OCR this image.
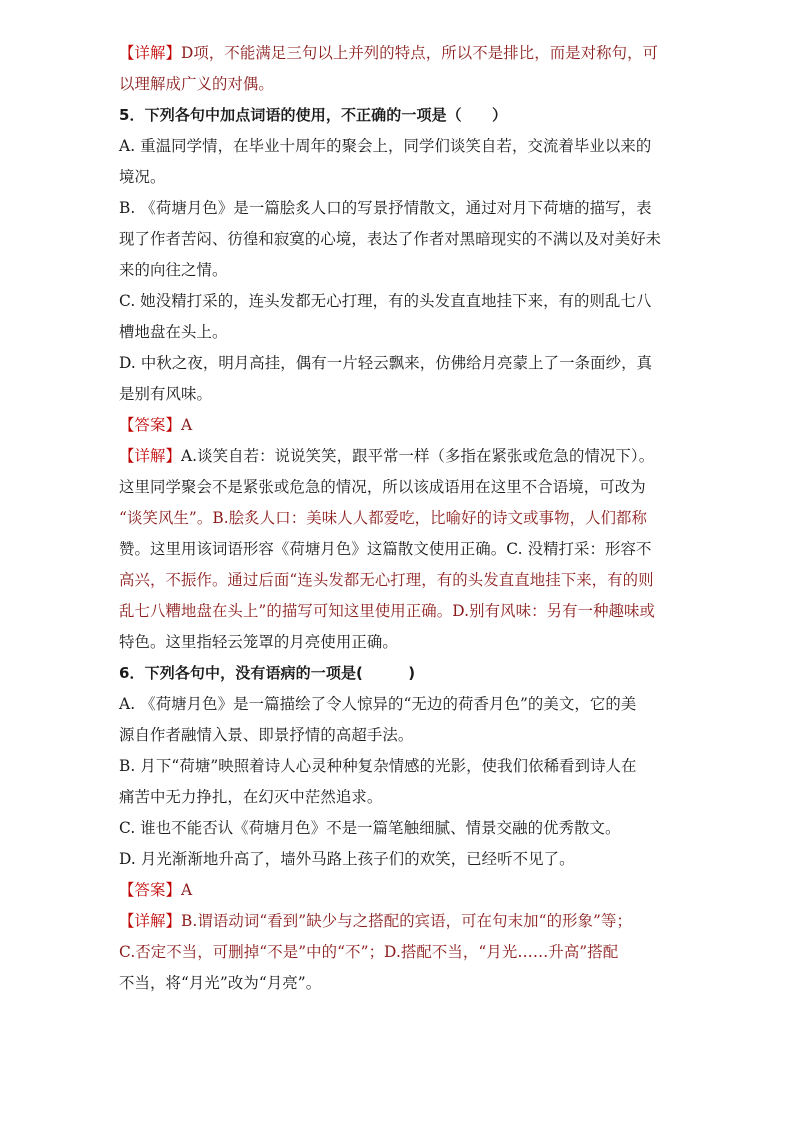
【详解】D项，不能满足三句以上并列的特点，所以不是排比，而是对称句，可
以理解成广义的对偶。
5．下列各句中加点词语的使用，不正确的一项是（　　）
A. 重温同学情，在毕业十周年的聚会上，同学们谈笑自若，交流着毕业以来的
境况。
B. 《荷塘月色》是一篇脍炙人口的写景抒情散文，通过对月下荷塘的描写，表
现了作者苦闷、彷徨和寂寞的心境，表达了作者对黑暗现实的不满以及对美好未
来的向往之情。
C. 她没精打采的，连头发都无心打理，有的头发直直地挂下来，有的则乱七八
槽地盘在头上。
D. 中秋之夜，明月高挂，偶有一片轻云飘来，仿佛给月亮蒙上了一条面纱，真
是别有风味。
【答案】A
【详解】A.谈笑自若：说说笑笑，跟平常一样（多指在紧张或危急的情况下）。
这里同学聚会不是紧张或危急的情况，所以该成语用在这里不合语境，可改为
“谈笑风生”。B.脍炙人口：美味人人都爱吃，比喻好的诗文或事物，人们都称
赞。这里用该词语形容《荷塘月色》这篇散文使用正确。C. 没精打采：形容不
高兴，不振作。通过后面“连头发都无心打理，有的头发直直地挂下来，有的则
乱七八糟地盘在头上”的描写可知这里使用正确。D.别有风味：另有一种趣味或
特色。这里指轻云笼罩的月亮使用正确。
6．下列各句中，没有语病的一项是(　　　)
A. 《荷塘月色》是一篇描绘了令人惊异的“无边的荷香月色”的美文，它的美
源自作者融情入景、即景抒情的高超手法。
B. 月下“荷塘”映照着诗人心灵种种复杂情感的光影，使我们依稀看到诗人在
痛苦中无力挣扎，在幻灭中茫然追求。
C. 谁也不能否认《荷塘月色》不是一篇笔触细腻、情景交融的优秀散文。
D. 月光渐渐地升高了，墙外马路上孩子们的欢笑，已经听不见了。
【答案】A
【详解】B.谓语动词“看到”缺少与之搭配的宾语，可在句末加“的形象”等；
C.否定不当，可删掉“不是”中的“不”；D.搭配不当，“月光……升高”搭配
不当，将“月光”改为“月亮”。
